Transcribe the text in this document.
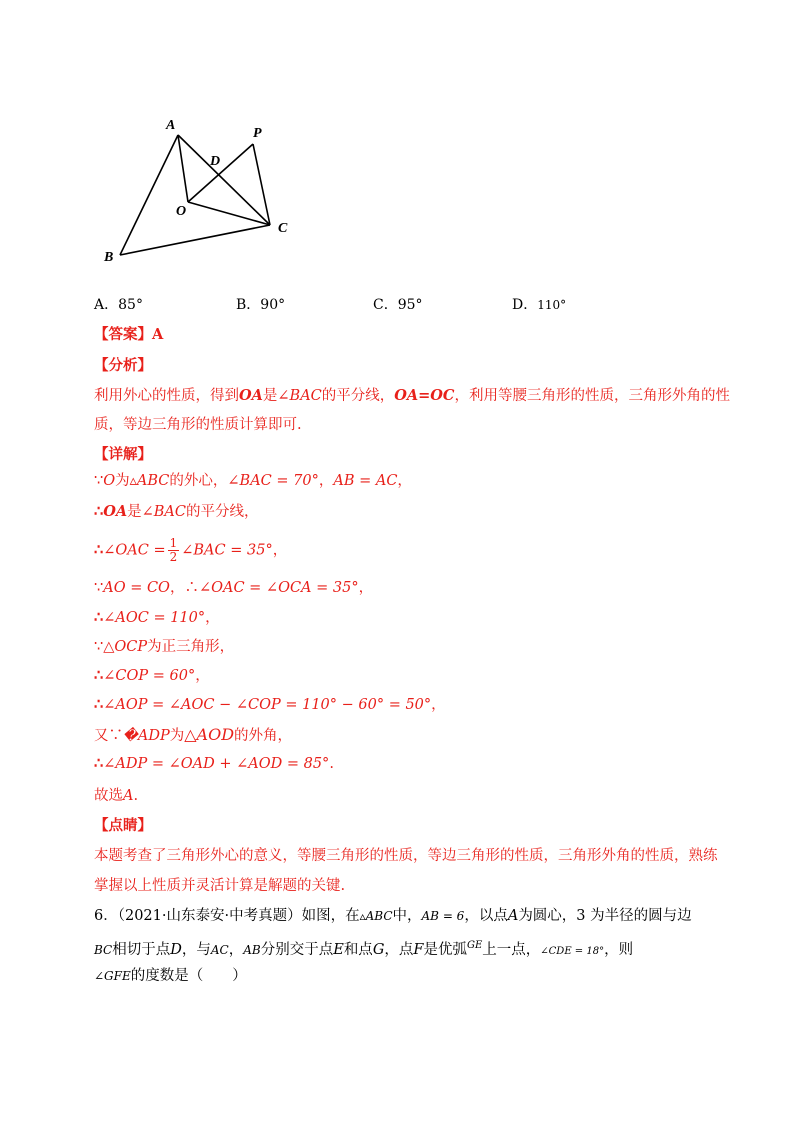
A
P
D
O
C
B
A．85°	B．90°	C．95°	D．110°
【答案】A
【分析】
利用外心的性质，得到OA是∠BAC的平分线，OA=OC，利用等腰三角形的性质，三角形外角的性
质，等边三角形的性质计算即可.
【详解】
∵O为▵ABC的外心，∠BAC = 70°，AB = AC，
∴OA是∠BAC的平分线，
∴∠OAC = $\frac{1}{2}$ ∠BAC = 35°，
∵AO = CO，∴∠OAC = ∠OCA = 35°，
∴∠AOC = 110°，
∵△OCP为正三角形，
∴∠COP = 60°，
∴∠AOP = ∠AOC − ∠COP = 110° − 60° = 50°，
又∵�ADP为△AOD的外角，
∴∠ADP = ∠OAD + ∠AOD = 85°.
故选A.
【点睛】
本题考查了三角形外心的意义，等腰三角形的性质，等边三角形的性质，三角形外角的性质，熟练
掌握以上性质并灵活计算是解题的关键.
6．（2021·山东泰安·中考真题）如图，在▵ABC中，AB = 6，以点A为圆心，3 为半径的圆与边
BC相切于点D，与AC，AB分别交于点E和点G，点F是优弧$^{GE}$上一点，∠CDE = 18°，则
∠GFE的度数是（　　）
